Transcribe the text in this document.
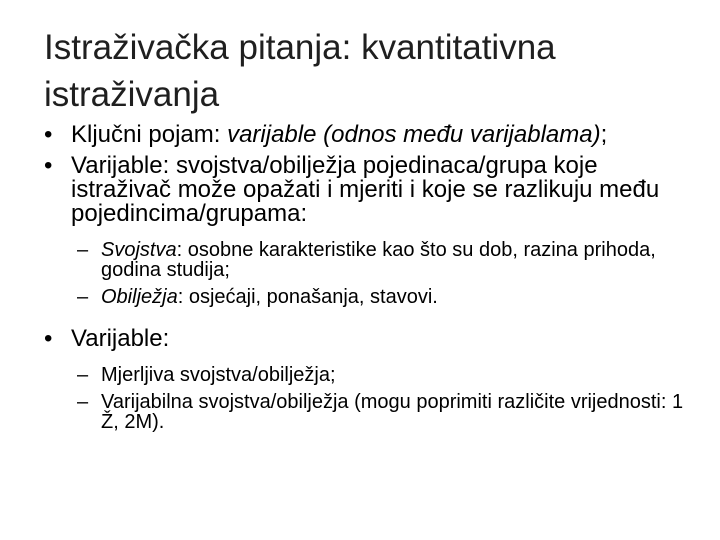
Istraživačka pitanja: kvantitativna istraživanja
• Ključni pojam: varijable (odnos među varijablama);
• Varijable: svojstva/obilježja pojedinaca/grupa koje istraživač može opažati i mjeriti i koje se razlikuju među pojedincima/grupama:
– Svojstva: osobne karakteristike kao što su dob, razina prihoda, godina studija;
– Obilježja: osjećaji, ponašanja, stavovi.
• Varijable:
– Mjerljiva svojstva/obilježja;
– Varijabilna svojstva/obilježja (mogu poprimiti različite vrijednosti: 1 Ž, 2M).
